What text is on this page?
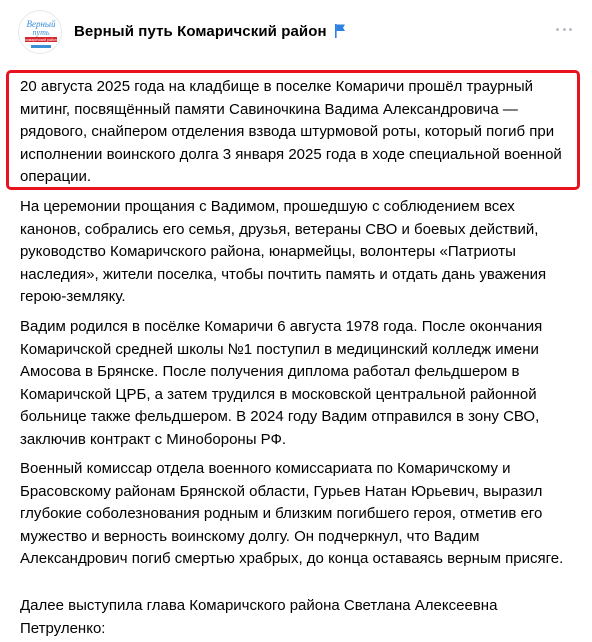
Верный
путь
комаричский район
Верный путь Комаричский район

20 августа 2025 года на кладбище в поселке Комаричи прошёл траурный митинг, посвящённый памяти Савиночкина Вадима Александровича — рядового, снайпером отделения взвода штурмовой роты, который погиб при исполнении воинского долга 3 января 2025 года в ходе специальной военной операции.

На церемонии прощания с Вадимом, прошедшую с соблюдением всех канонов, собрались его семья, друзья, ветераны СВО и боевых действий, руководство Комаричского района, юнармейцы, волонтеры «Патриоты наследия», жители поселка, чтобы почтить память и отдать дань уважения герою-земляку.

Вадим родился в посёлке Комаричи 6 августа 1978 года. После окончания Комаричской средней школы №1 поступил в медицинский колледж имени Амосова в Брянске. После получения диплома работал фельдшером в Комаричской ЦРБ, а затем трудился в московской центральной районной больнице также фельдшером. В 2024 году Вадим отправился в зону СВО, заключив контракт с Минобороны РФ.

Военный комиссар отдела военного комиссариата по Комаричскому и Брасовскому районам Брянской области, Гурьев Натан Юрьевич, выразил глубокие соболезнования родным и близким погибшего героя, отметив его мужество и верность воинскому долгу. Он подчеркнул, что Вадим Александрович погиб смертью храбрых, до конца оставаясь верным присяге.

Далее выступила глава Комаричского района Светлана Алексеевна Петруленко:
